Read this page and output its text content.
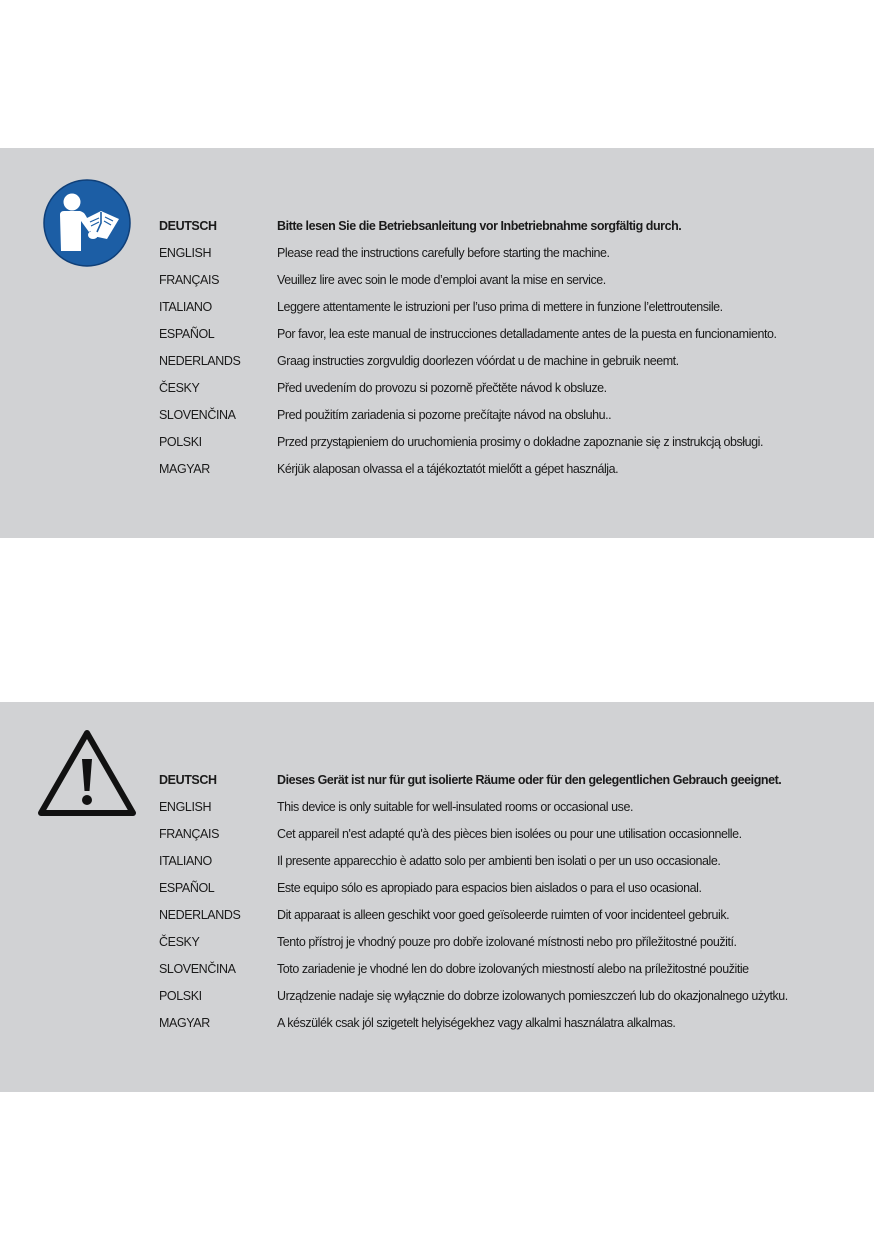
DEUTSCH	Bitte lesen Sie die Betriebsanleitung vor Inbetriebnahme sorgfältig durch.
ENGLISH	Please read the instructions carefully before starting the machine.
FRANÇAIS	Veuillez lire avec soin le mode d’emploi avant la mise en service.
ITALIANO	Leggere attentamente le istruzioni per l’uso prima di mettere in funzione l’elettroutensile.
ESPAÑOL	Por favor, lea este manual de instrucciones detalladamente antes de la puesta en funcionamiento.
NEDERLANDS	Graag instructies zorgvuldig doorlezen vóórdat u de machine in gebruik neemt.
ČESKY	Před uvedením do provozu si pozorně přečtěte návod k obsluze.
SLOVENČINA	Pred použitím zariadenia si pozorne prečítajte návod na obsluhu..
POLSKI	Przed przystąpieniem do uruchomienia prosimy o dokładne zapoznanie się z instrukcją obsługi.
MAGYAR	Kérjük alaposan olvassa el a tájékoztatót mielőtt a gépet használja.
DEUTSCH	Dieses Gerät ist nur für gut isolierte Räume oder für den gelegentlichen Gebrauch geeignet.
ENGLISH	This device is only suitable for well-insulated rooms or occasional use.
FRANÇAIS	Cet appareil n'est adapté qu'à des pièces bien isolées ou pour une utilisation occasionnelle.
ITALIANO	Il presente apparecchio è adatto solo per ambienti ben isolati o per un uso occasionale.
ESPAÑOL	Este equipo sólo es apropiado para espacios bien aislados o para el uso ocasional.
NEDERLANDS	Dit apparaat is alleen geschikt voor goed geïsoleerde ruimten of voor incidenteel gebruik.
ČESKY	Tento přístroj je vhodný pouze pro dobře izolované místnosti nebo pro příležitostné použití.
SLOVENČINA	Toto zariadenie je vhodné len do dobre izolovaných miestností alebo na príležitostné použitie
POLSKI	Urządzenie nadaje się wyłącznie do dobrze izolowanych pomieszczeń lub do okazjonalnego użytku.
MAGYAR	A készülék csak jól szigetelt helyiségekhez vagy alkalmi használatra alkalmas.
